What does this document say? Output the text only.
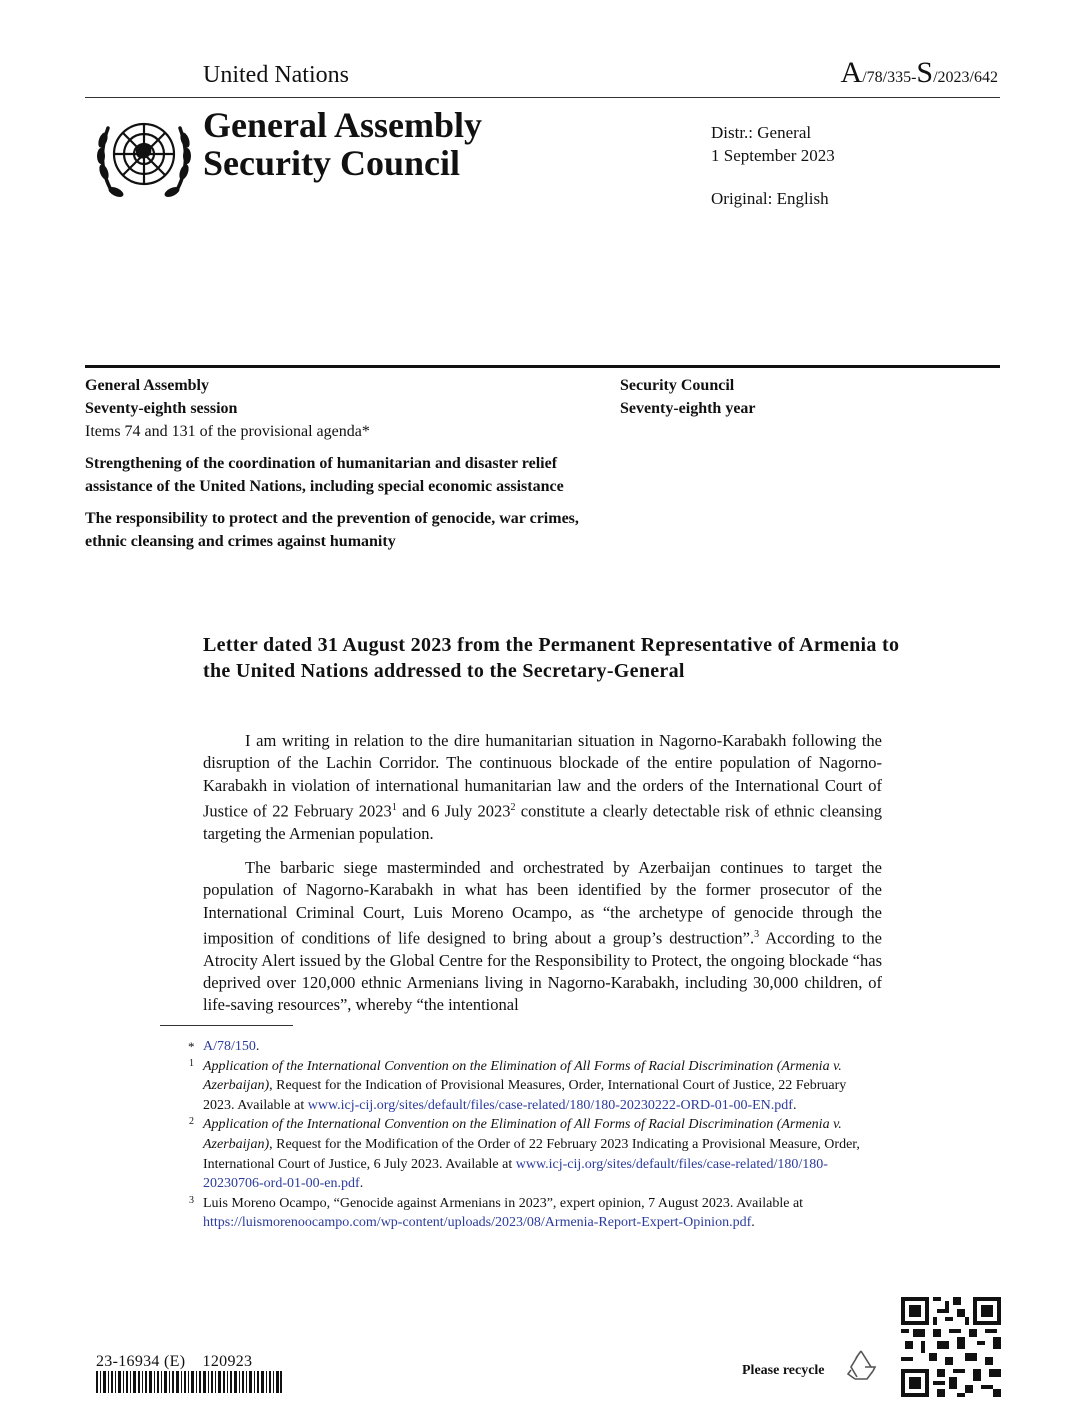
United Nations	A/78/335-S/2023/642
General Assembly
Security Council
Distr.: General
1 September 2023
Original: English

General Assembly

Seventy-eighth session

Items 74 and 131 of the provisional agenda*

Strengthening of the coordination of humanitarian and disaster relief assistance of the United Nations, including special economic assistance

The responsibility to protect and the prevention of genocide, war crimes, ethnic cleansing and crimes against humanity

Security Council
Seventy-eighth year
Letter dated 31 August 2023 from the Permanent Representative of Armenia to the United Nations addressed to the Secretary-General

I am writing in relation to the dire humanitarian situation in Nagorno-Karabakh following the disruption of the Lachin Corridor. The continuous blockade of the entire population of Nagorno-Karabakh in violation of international humanitarian law and the orders of the International Court of Justice of 22 February 2023$^1$ and 6 July 2023$^2$ constitute a clearly detectable risk of ethnic cleansing targeting the Armenian population.

The barbaric siege masterminded and orchestrated by Azerbaijan continues to target the population of Nagorno-Karabakh in what has been identified by the former prosecutor of the International Criminal Court, Luis Moreno Ocampo, as “the archetype of genocide through the imposition of conditions of life designed to bring about a group’s destruction”.$^3$ According to the Atrocity Alert issued by the Global Centre for the Responsibility to Protect, the ongoing blockade “has deprived over 120,000 ethnic Armenians living in Nagorno-Karabakh, including 30,000 children, of life-saving resources”, whereby “the intentional

* A/78/150.
1 Application of the International Convention on the Elimination of All Forms of Racial Discrimination (Armenia v. Azerbaijan), Request for the Indication of Provisional Measures, Order, International Court of Justice, 22 February 2023. Available at www.icj-cij.org/sites/default/files/case-related/180/180-20230222-ORD-01-00-EN.pdf.
2 Application of the International Convention on the Elimination of All Forms of Racial Discrimination (Armenia v. Azerbaijan), Request for the Modification of the Order of 22 February 2023 Indicating a Provisional Measure, Order, International Court of Justice, 6 July 2023. Available at www.icj-cij.org/sites/default/files/case-related/180/180-20230706-ord-01-00-en.pdf.
3 Luis Moreno Ocampo, “Genocide against Armenians in 2023”, expert opinion, 7 August 2023. Available at https://luismorenoocampo.com/wp-content/uploads/2023/08/Armenia-Report-Expert-Opinion.pdf.
23-16934 (E)    120923
Please recycle
